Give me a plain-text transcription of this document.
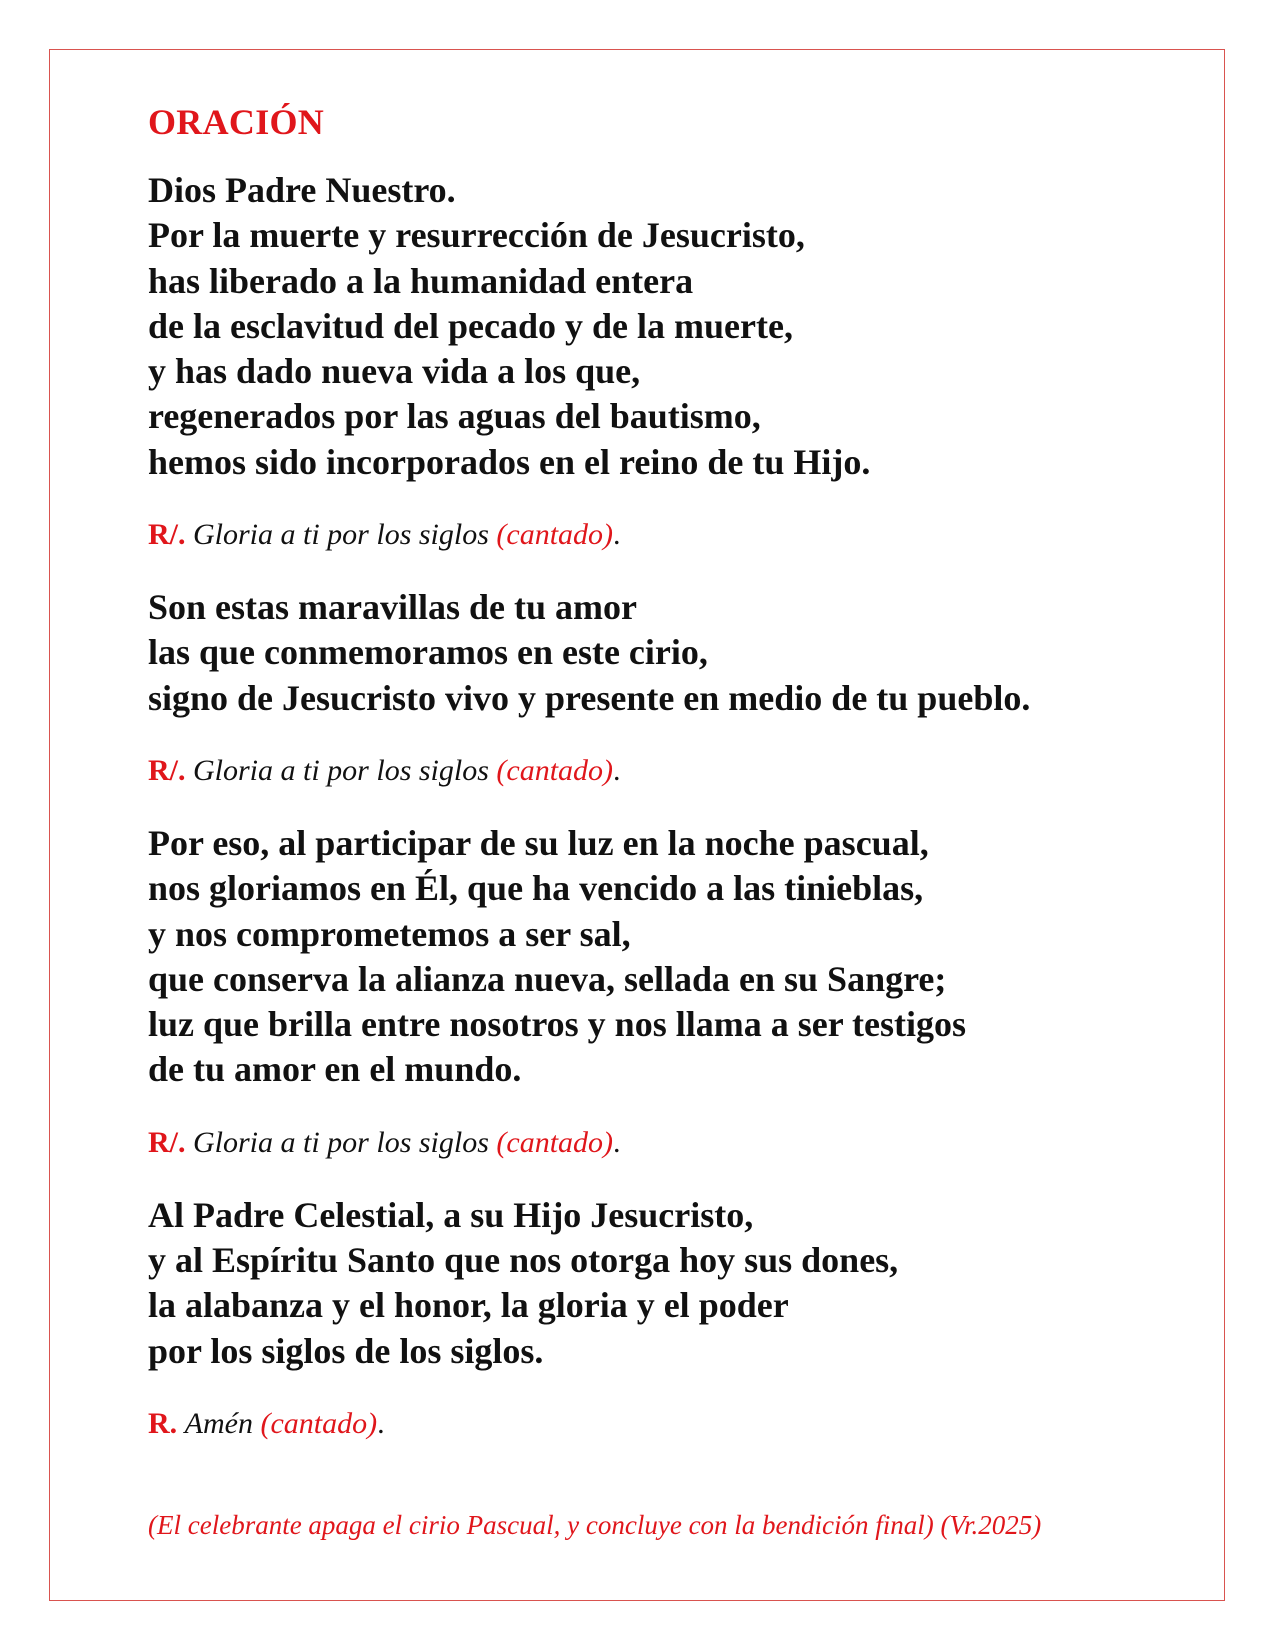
ORACIÓN
Dios Padre Nuestro.
Por la muerte y resurrección de Jesucristo,
has liberado a la humanidad entera
de la esclavitud del pecado y de la muerte,
y has dado nueva vida a los que,
regenerados por las aguas del bautismo,
hemos sido incorporados en el reino de tu Hijo.
R/. Gloria a ti por los siglos (cantado).
Son estas maravillas de tu amor
las que conmemoramos en este cirio,
signo de Jesucristo vivo y presente en medio de tu pueblo.
R/. Gloria a ti por los siglos (cantado).
Por eso, al participar de su luz en la noche pascual,
nos gloriamos en Él, que ha vencido a las tinieblas,
y nos comprometemos a ser sal,
que conserva la alianza nueva, sellada en su Sangre;
luz que brilla entre nosotros y nos llama a ser testigos
de tu amor en el mundo.
R/. Gloria a ti por los siglos (cantado).
Al Padre Celestial, a su Hijo Jesucristo,
y al Espíritu Santo que nos otorga hoy sus dones,
la alabanza y el honor, la gloria y el poder
por los siglos de los siglos.
R. Amén (cantado).
(El celebrante apaga el cirio Pascual, y concluye con la bendición final) (Vr.2025)
